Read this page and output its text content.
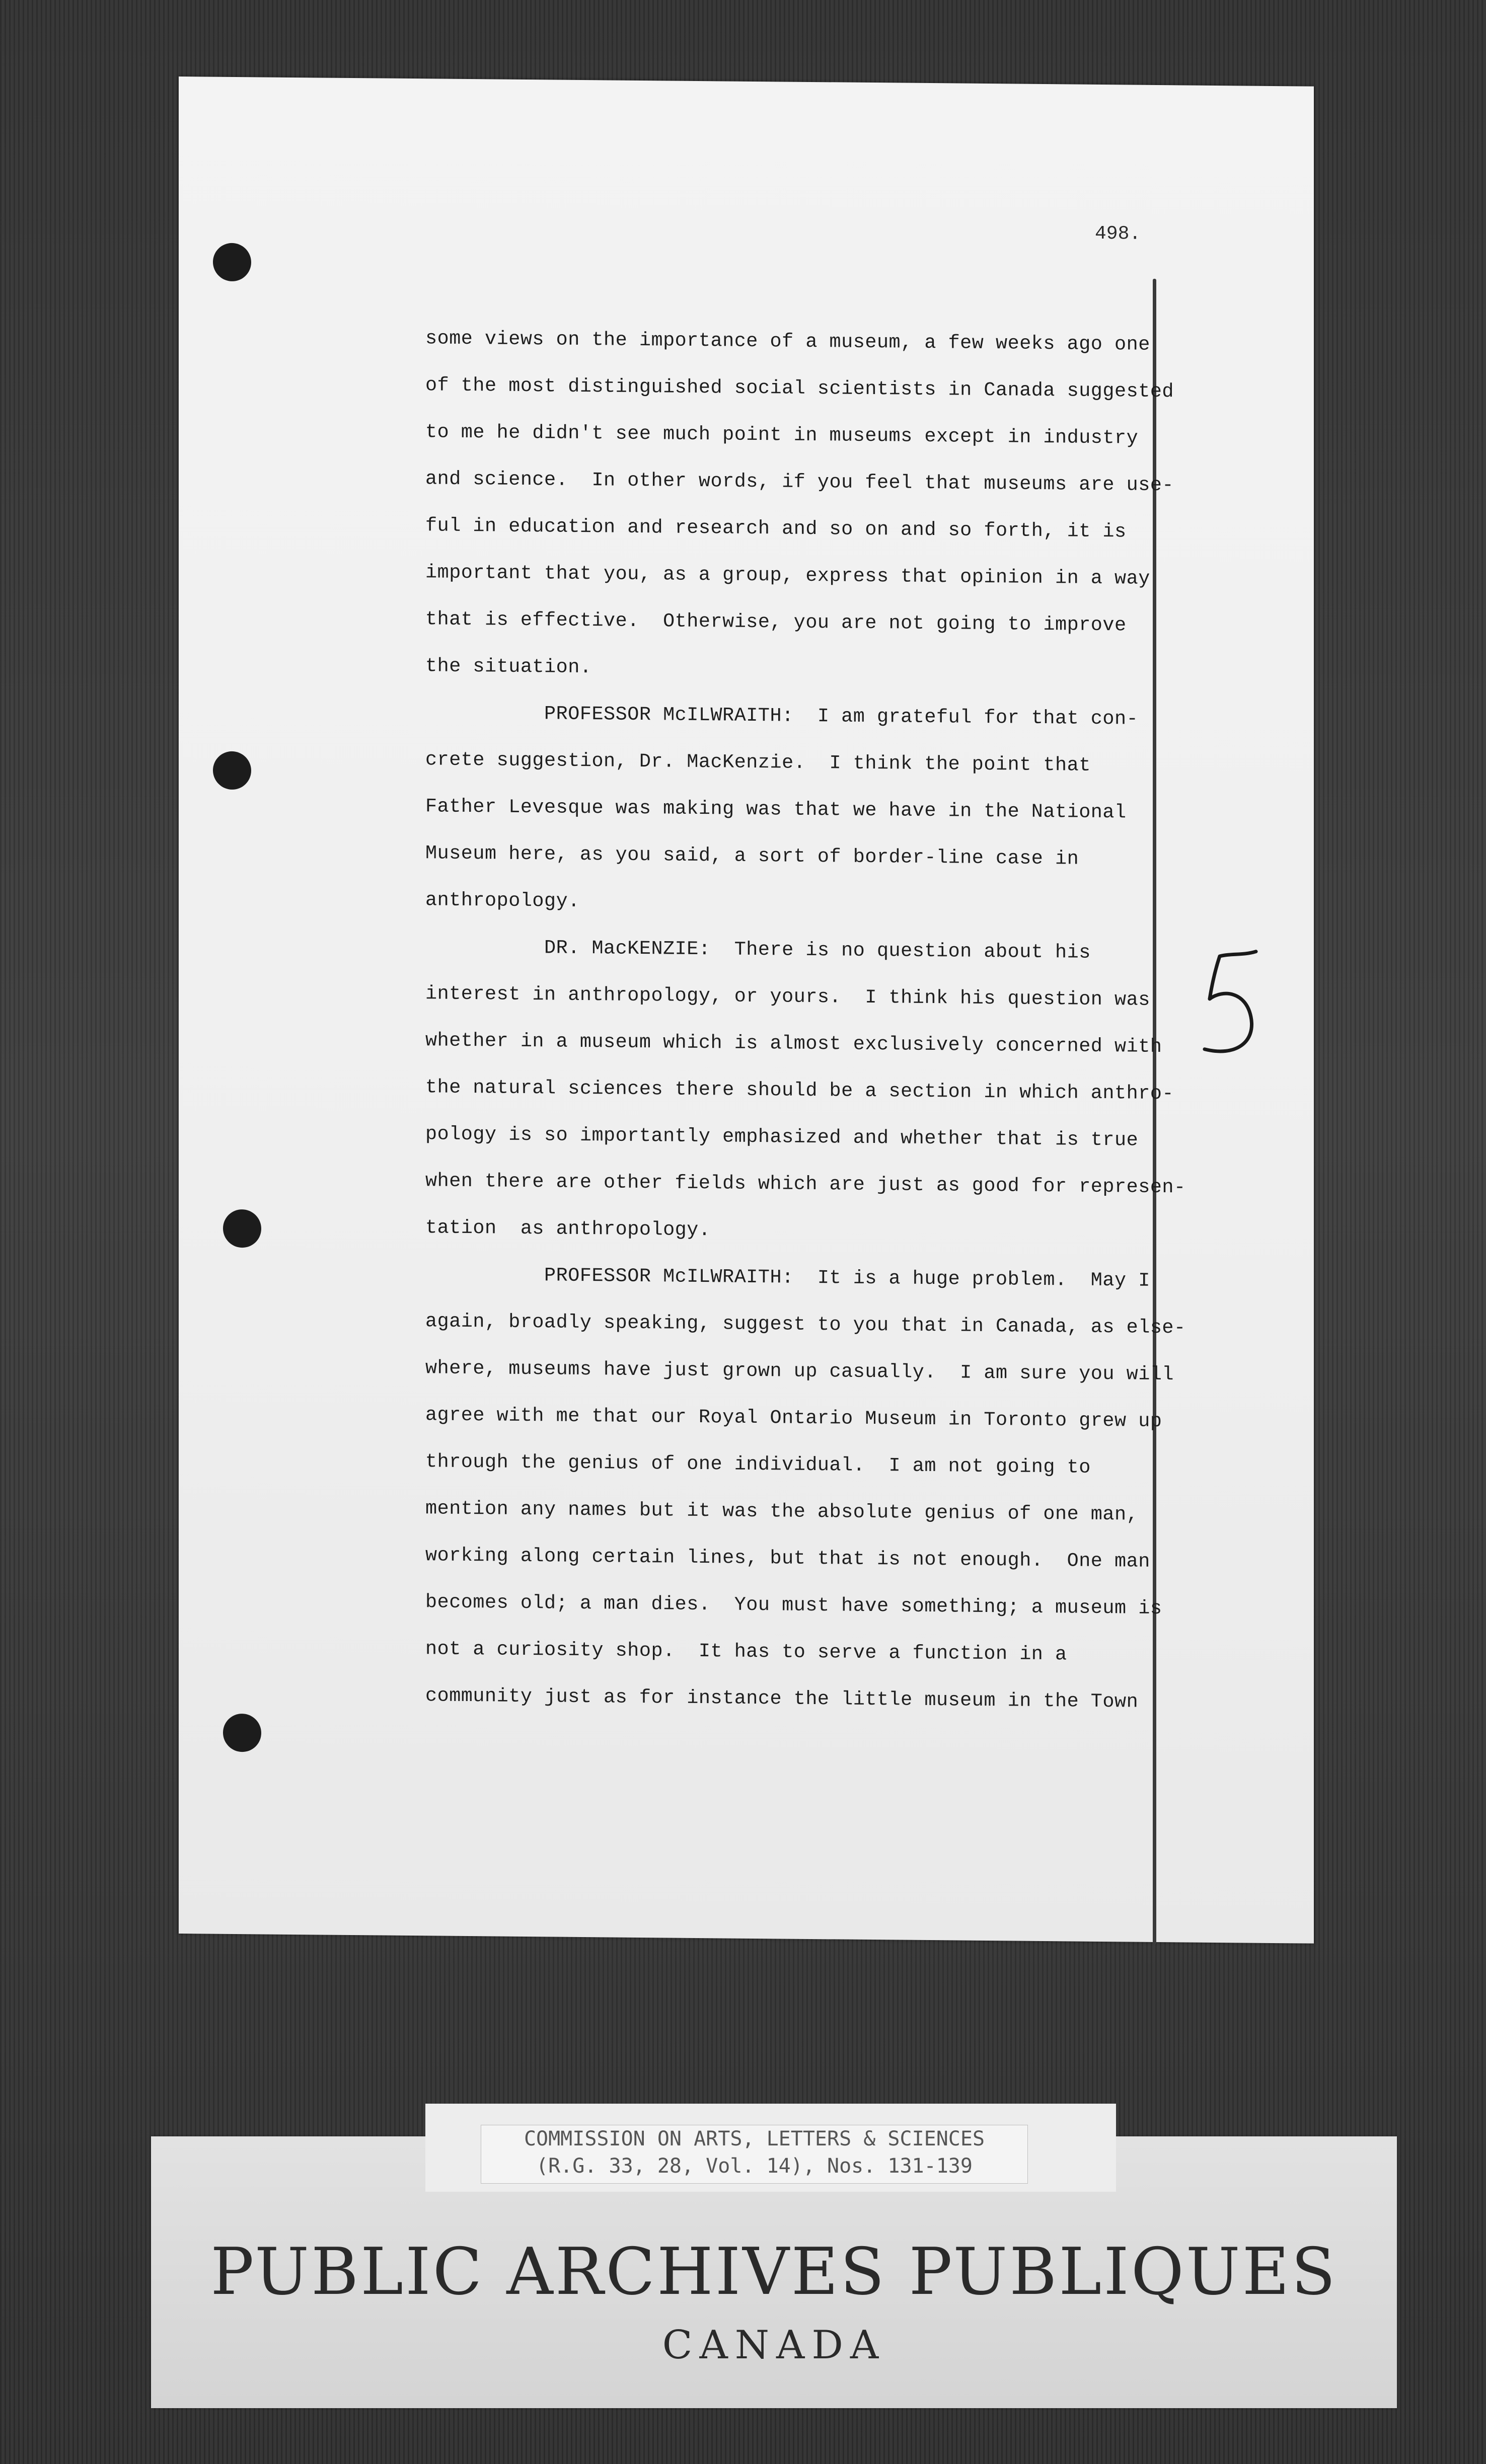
498.
some views on the importance of a museum, a few weeks ago one
of the most distinguished social scientists in Canada suggested
to me he didn't see much point in museums except in industry
and science.  In other words, if you feel that museums are use-
ful in education and research and so on and so forth, it is
important that you, as a group, express that opinion in a way
that is effective.  Otherwise, you are not going to improve
the situation.
PROFESSOR McILWRAITH:  I am grateful for that con-
crete suggestion, Dr. MacKenzie.  I think the point that
Father Levesque was making was that we have in the National
Museum here, as you said, a sort of border-line case in
anthropology.
DR. MacKENZIE:  There is no question about his
interest in anthropology, or yours.  I think his question was
whether in a museum which is almost exclusively concerned with
the natural sciences there should be a section in which anthro-
pology is so importantly emphasized and whether that is true
when there are other fields which are just as good for represen-
tation  as anthropology.
PROFESSOR McILWRAITH:  It is a huge problem.  May I
again, broadly speaking, suggest to you that in Canada, as else-
where, museums have just grown up casually.  I am sure you will
agree with me that our Royal Ontario Museum in Toronto grew up
through the genius of one individual.  I am not going to
mention any names but it was the absolute genius of one man,
working along certain lines, but that is not enough.  One man
becomes old; a man dies.  You must have something; a museum is
not a curiosity shop.  It has to serve a function in a
community just as for instance the little museum in the Town
COMMISSION ON ARTS, LETTERS & SCIENCES
(R.G. 33, 28, Vol. 14), Nos. 131-139
PUBLIC ARCHIVES PUBLIQUES
CANADA
